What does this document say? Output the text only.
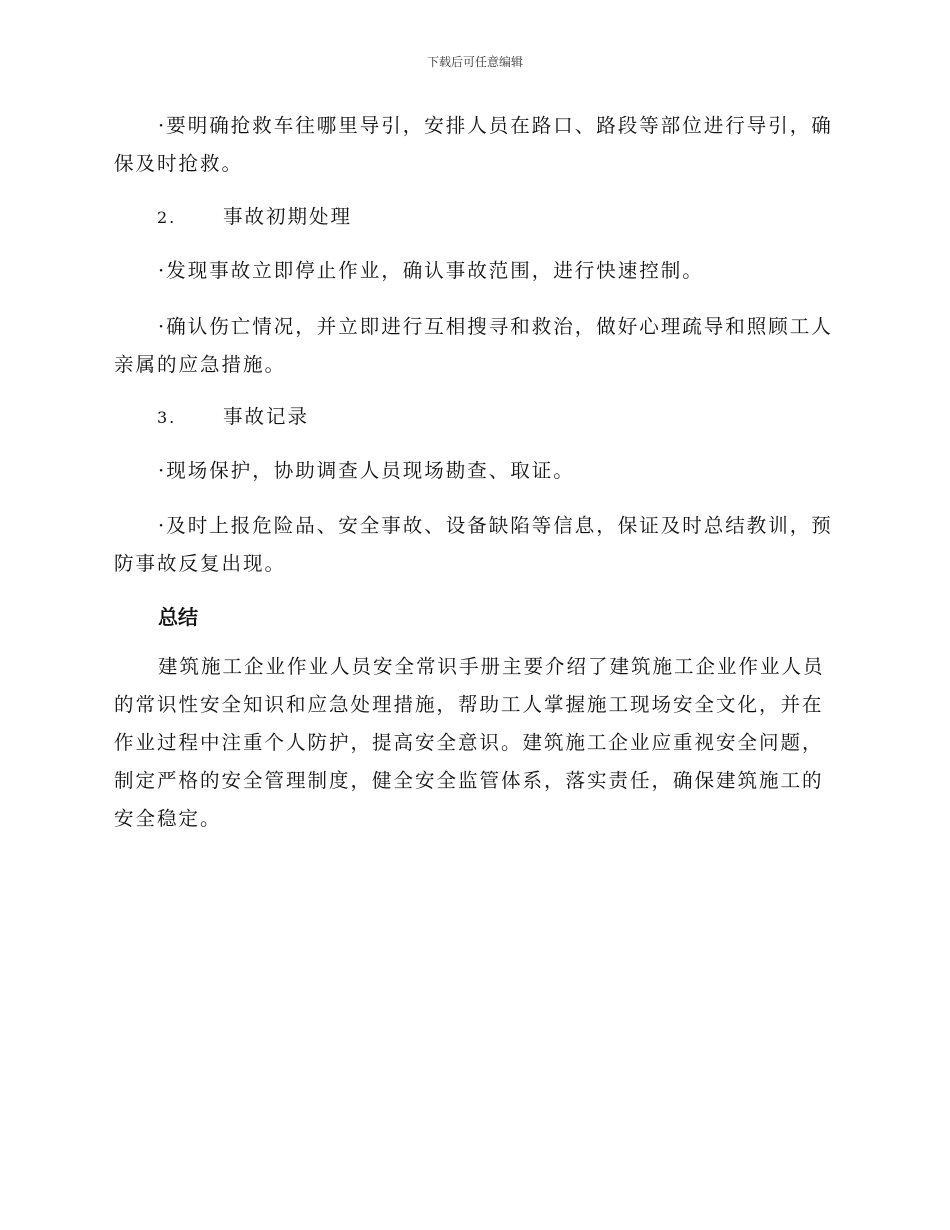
下载后可任意编辑

·要明确抢救车往哪里导引，安排人员在路口、路段等部位进行导引，确保及时抢救。

2. 事故初期处理

·发现事故立即停止作业，确认事故范围，进行快速控制。

·确认伤亡情况，并立即进行互相搜寻和救治，做好心理疏导和照顾工人亲属的应急措施。

3. 事故记录

·现场保护，协助调查人员现场勘查、取证。

·及时上报危险品、安全事故、设备缺陷等信息，保证及时总结教训，预防事故反复出现。

总结

建筑施工企业作业人员安全常识手册主要介绍了建筑施工企业作业人员的常识性安全知识和应急处理措施，帮助工人掌握施工现场安全文化，并在作业过程中注重个人防护，提高安全意识。建筑施工企业应重视安全问题，制定严格的安全管理制度，健全安全监管体系，落实责任，确保建筑施工的安全稳定。
